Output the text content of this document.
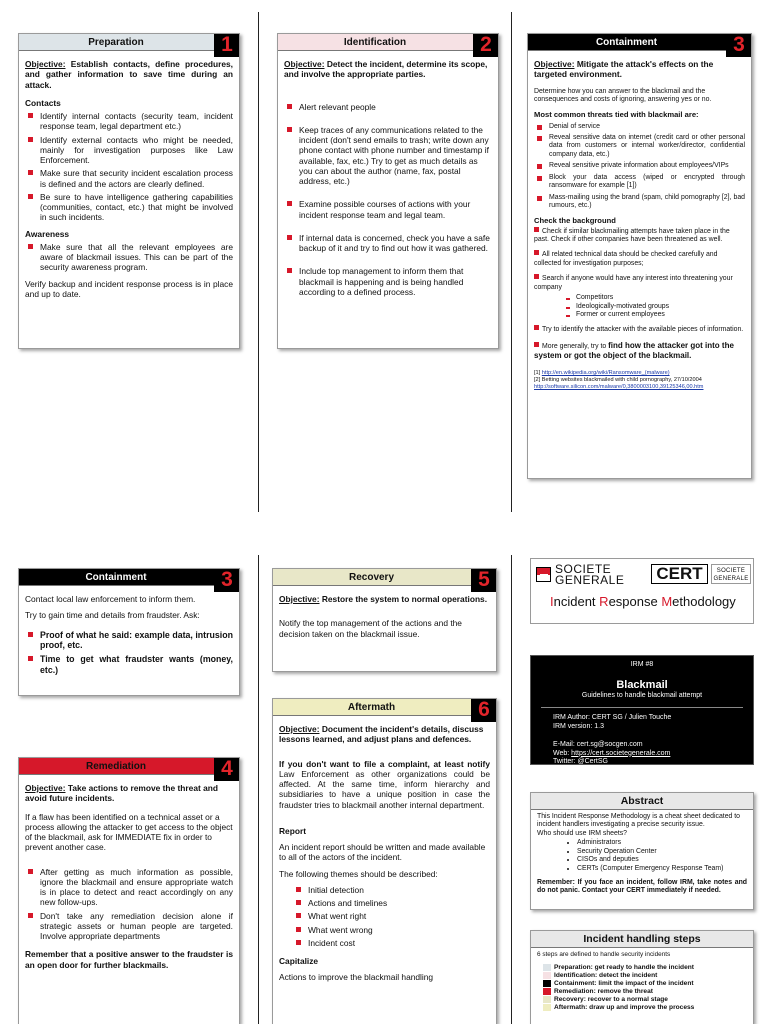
Preparation	1
Objective: Establish contacts, define procedures, and gather information to save time during an attack.
Contacts
Identify internal contacts (security team, incident response team, legal department etc.)
Identify external contacts who might be needed, mainly for investigation purposes like Law Enforcement.
Make sure that security incident escalation process is defined and the actors are clearly defined.
Be sure to have intelligence gathering capabilities (communities, contact, etc.) that might be involved in such incidents.
Awareness
Make sure that all the relevant employees are aware of blackmail issues. This can be part of the security awareness program.

Verify backup and incident response process is in place and up to date.

Identification	2
Objective: Detect the incident, determine its scope, and involve the appropriate parties.
Alert relevant people
Keep traces of any communications related to the incident (don't send emails to trash; write down any phone contact with phone number and timestamp if available, fax, etc.) Try to get as much details as you can about the author (name, fax, postal address, etc.)
Examine possible courses of actions with your incident response team and legal team.
If internal data is concerned, check you have a safe backup of it and try to find out how it was gathered.
Include top management to inform them that blackmail is happening and is being handled according to a defined process.
Containment	3
Objective: Mitigate the attack's effects on the targeted environment.

Determine how you can answer to the blackmail and the consequences and costs of ignoring, answering yes or no.

Most common threats tied with blackmail are:
Denial of service
Reveal sensitive data on internet (credit card or other personal data from customers or internal worker/director, confidential company data, etc.)
Reveal sensitive private information about employees/VIPs
Block your data access (wiped or encrypted through ransomware for example [1])
Mass-mailing using the brand (spam, child pornography [2], bad rumours, etc.)
Check the background

Check if similar blackmailing attempts have taken place in the past. Check if other companies have been threatened as well.

All related technical data should be checked carefully and collected for investigation purposes;

Search if anyone would have any interest into threatening your company

Competitors
Ideologically-motivated groups
Former or current employees

Try to identify the attacker with the available pieces of information.

More generally, try to find how the attacker got into the system or got the object of the blackmail.

[1] http://en.wikipedia.org/wiki/Ransomware_(malware)
[2] Betting websites blackmailed with child pornography, 27/10/2004
http://software.silicon.com/malware/0,3800003100,39125346,00.htm
Containment	3

Contact local law enforcement to inform them.

Try to gain time and details from fraudster. Ask:

Proof of what he said: example data, intrusion proof, etc.
Time to get what fraudster wants (money, etc.)
Remediation	4
Objective: Take actions to remove the threat and avoid future incidents.

If a flaw has been identified on a technical asset or a process allowing the attacker to get access to the object of the blackmail, ask for IMMEDIATE fix in order to prevent another case.

After getting as much information as possible, ignore the blackmail and ensure appropriate watch is in place to detect and react accordingly on any new follow-ups.
Don't take any remediation decision alone if strategic assets or human people are targeted. Involve appropriate departments

Remember that a positive answer to the fraudster is an open door for further blackmails.

Recovery	5
Objective: Restore the system to normal operations.

Notify the top management of the actions and the decision taken on the blackmail issue.

Aftermath	6
Objective: Document the incident's details, discuss lessons learned, and adjust plans and defences.

If you don't want to file a complaint, at least notify Law Enforcement as other organizations could be affected. At the same time, inform hierarchy and subsidiaries to have a unique position in case the fraudster tries to blackmail another internal department.

Report

An incident report should be written and made available to all of the actors of the incident.

The following themes should be described:

Initial detection
Actions and timelines
What went right
What went wrong
Incident cost
Capitalize

Actions to improve the blackmail handling

SOCIETE
GENERALE	CERT	SOCIETE
GENERALE
Incident Response Methodology
IRM #8
Blackmail
Guidelines to handle blackmail attempt
IRM Author: CERT SG / Julien Touche
IRM version: 1.3
E-Mail: cert.sg@socgen.com
Web: https://cert.societegenerale.com
Twitter: @CertSG
Abstract
This Incident Response Methodology is a cheat sheet dedicated to incident handlers investigating a precise security issue.
Who should use IRM sheets?
• Administrators
• Security Operation Center
• CISOs and deputies
• CERTs (Computer Emergency Response Team)
Remember: If you face an incident, follow IRM, take notes and do not panic. Contact your CERT immediately if needed.
Incident handling steps
6 steps are defined to handle security incidents
Preparation: get ready to handle the incident
Identification: detect the incident
Containment: limit the impact of the incident
Remediation: remove the threat
Recovery: recover to a normal stage
Aftermath: draw up and improve the process
